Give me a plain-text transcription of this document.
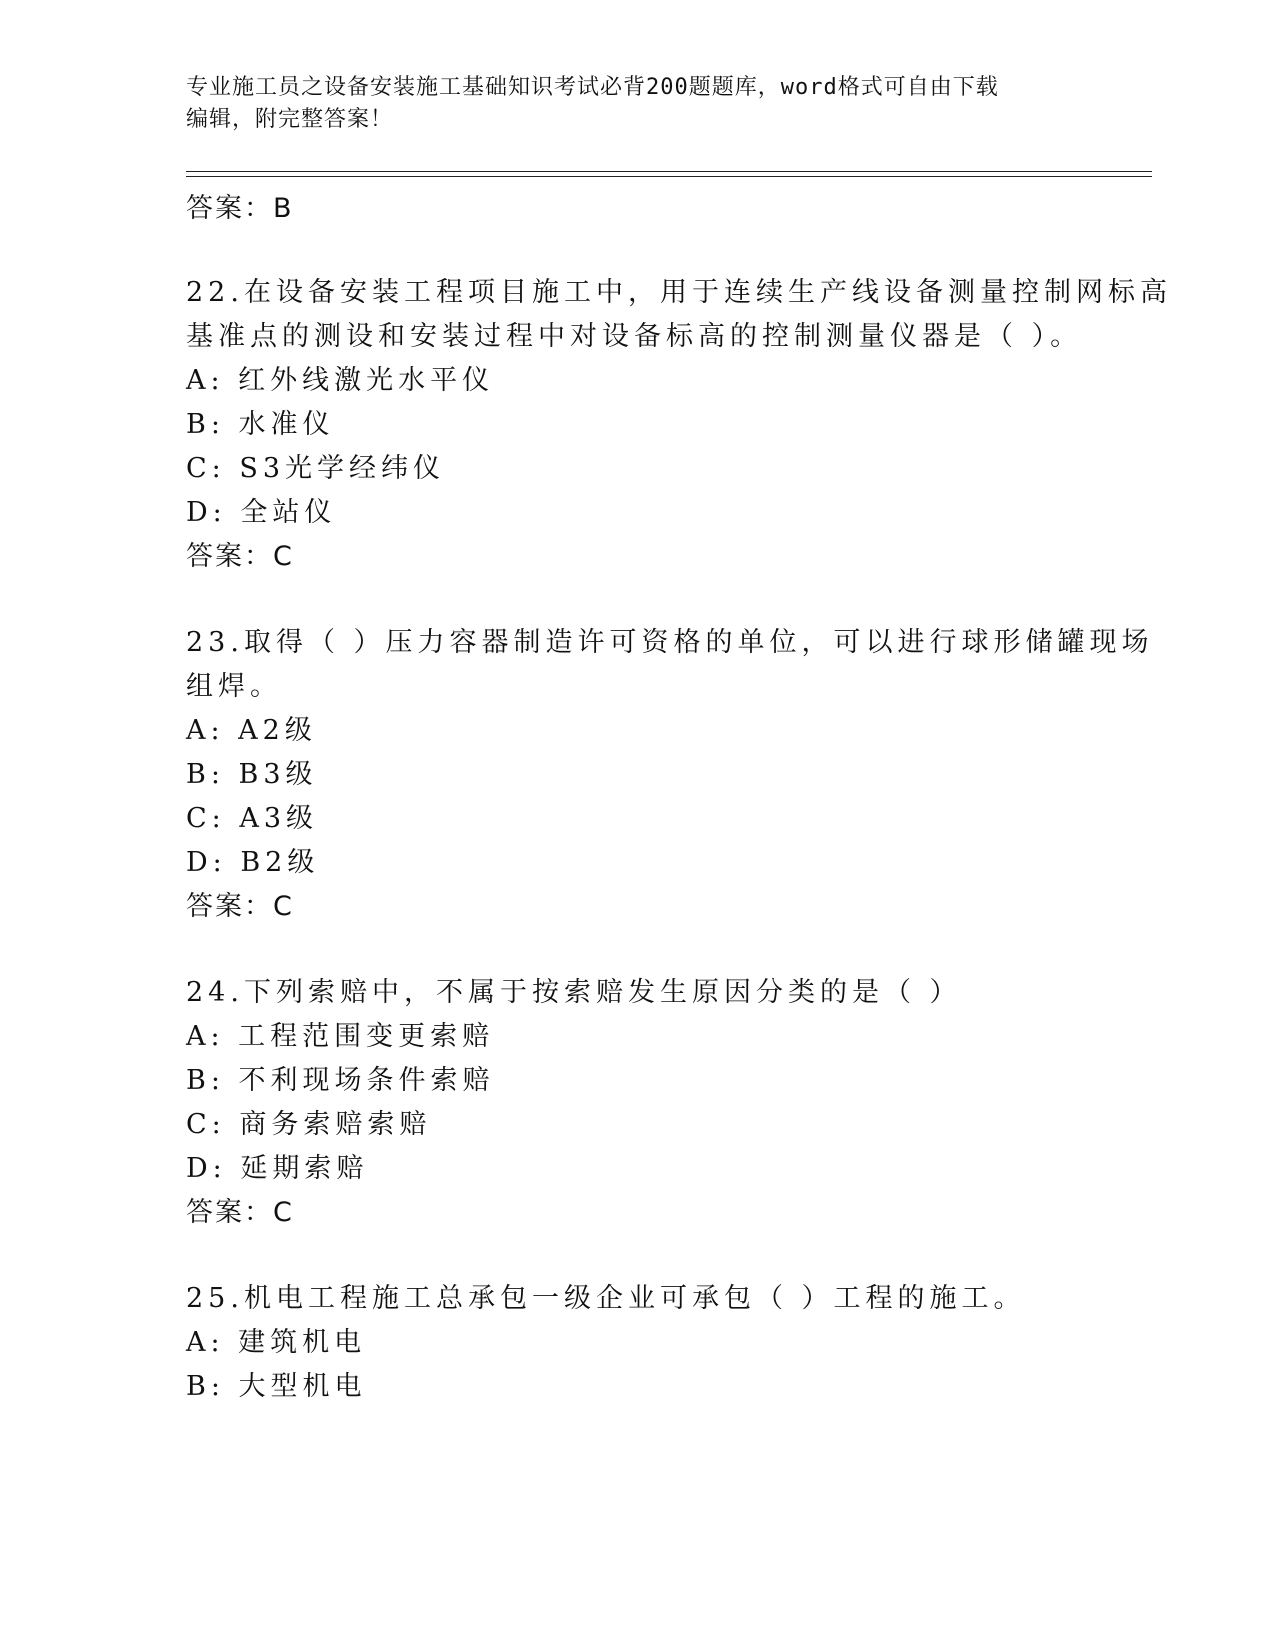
专业施工员之设备安装施工基础知识考试必背200题题库，word格式可自由下载
编辑，附完整答案！
答案：B
22.在设备安装工程项目施工中，用于连续生产线设备测量控制网标高
基准点的测设和安装过程中对设备标高的控制测量仪器是（ ）。
A: 红外线激光水平仪
B: 水准仪
C: S3光学经纬仪
D: 全站仪
答案：C
23.取得（ ）压力容器制造许可资格的单位，可以进行球形储罐现场
组焊。
A: A2级
B: B3级
C: A3级
D: B2级
答案：C
24.下列索赔中，不属于按索赔发生原因分类的是（ ）
A: 工程范围变更索赔
B: 不利现场条件索赔
C: 商务索赔索赔
D: 延期索赔
答案：C
25.机电工程施工总承包一级企业可承包（ ）工程的施工。
A: 建筑机电
B: 大型机电
